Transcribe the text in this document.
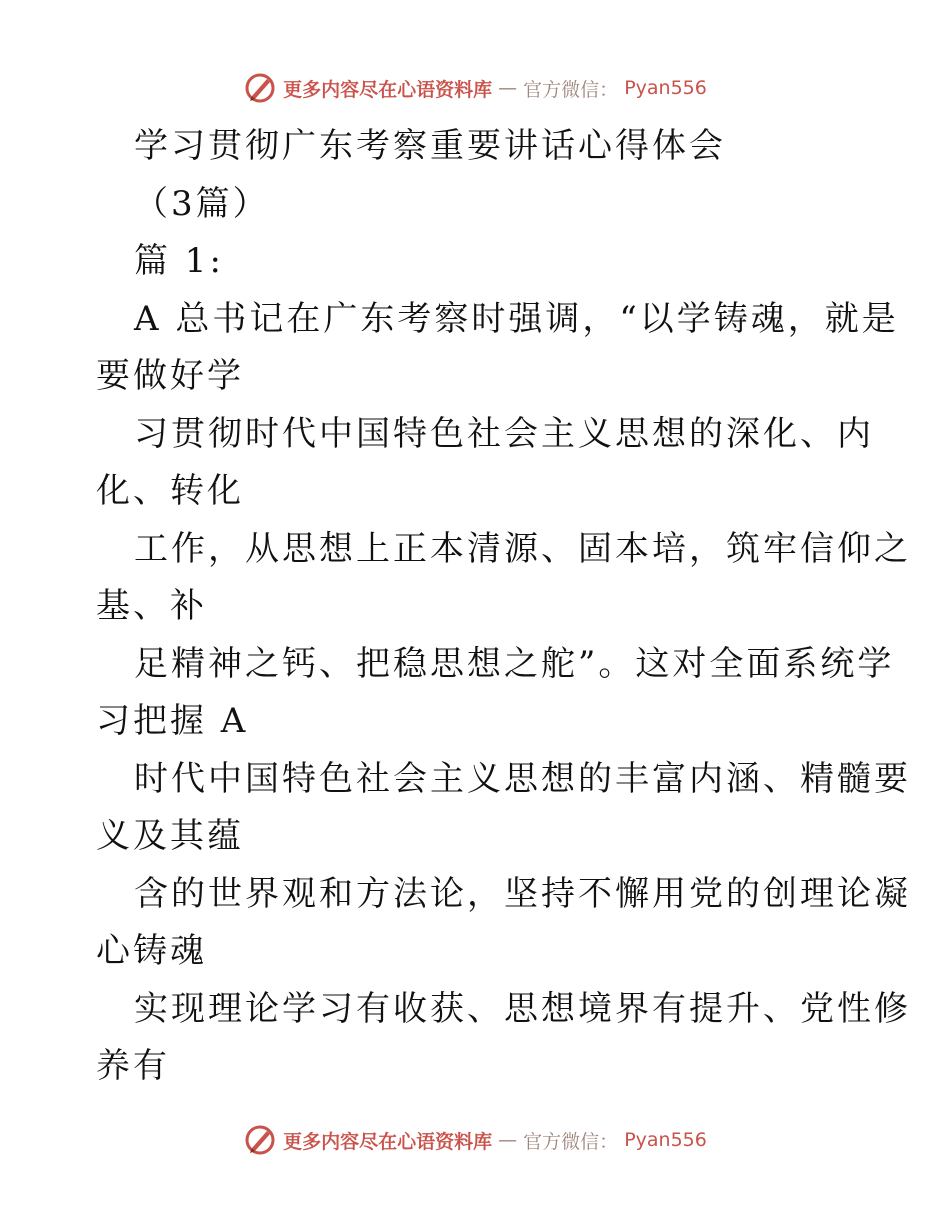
更多内容尽在心语资料库 — 官方微信： Pyan556
学习贯彻广东考察重要讲话心得体会
（3篇）
篇 1:
A 总书记在广东考察时强调，“以学铸魂，就是
要做好学
习贯彻时代中国特色社会主义思想的深化、内
化、转化
工作，从思想上正本清源、固本培，筑牢信仰之
基、补
足精神之钙、把稳思想之舵”。这对全面系统学
习把握 A
时代中国特色社会主义思想的丰富内涵、精髓要
义及其蕴
含的世界观和方法论，坚持不懈用党的创理论凝
心铸魂
实现理论学习有收获、思想境界有提升、党性修
养有
更多内容尽在心语资料库 — 官方微信： Pyan556
